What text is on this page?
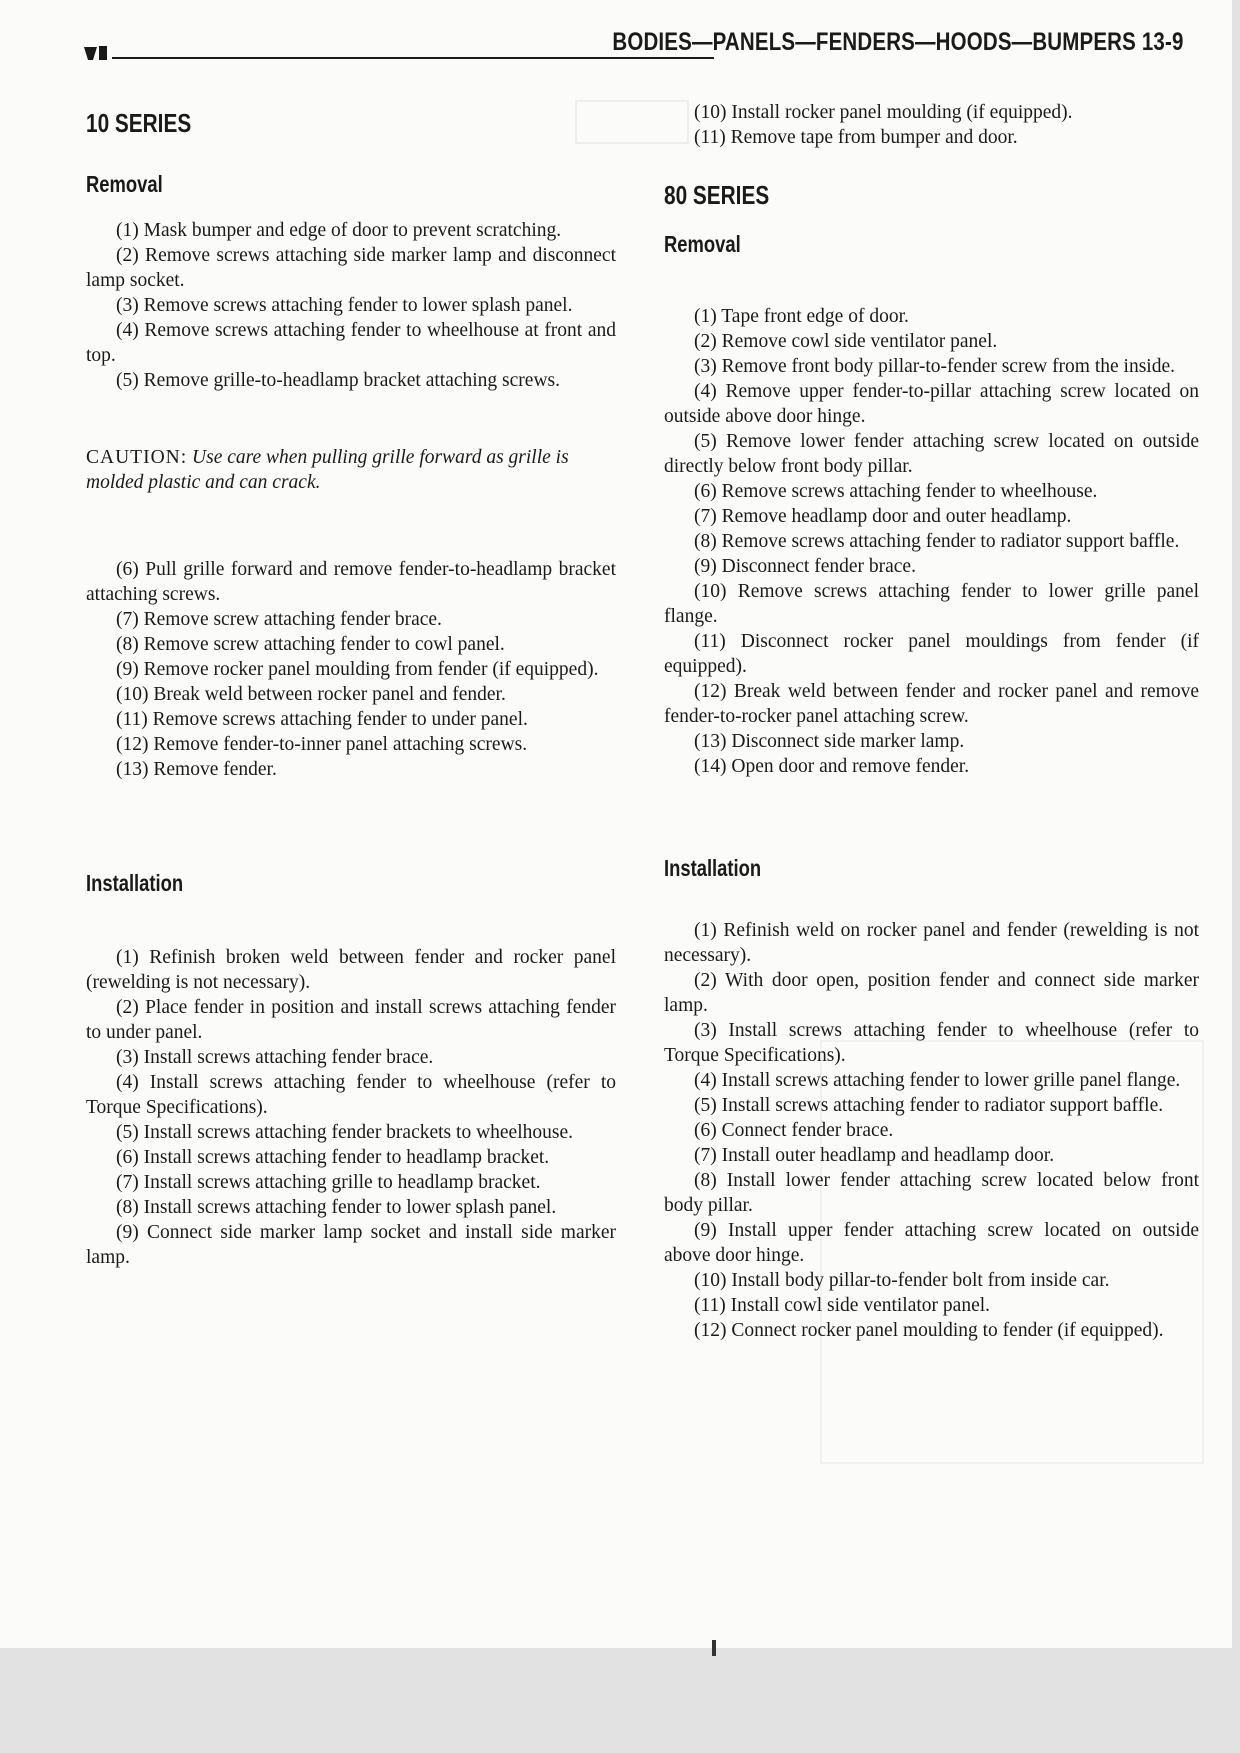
BODIES—PANELS—FENDERS—HOODS—BUMPERS 13-9
10 SERIES
Removal

(1) Mask bumper and edge of door to prevent scratching.

(2) Remove screws attaching side marker lamp and disconnect lamp socket.

(3) Remove screws attaching fender to lower splash panel.

(4) Remove screws attaching fender to wheelhouse at front and top.

(5) Remove grille-to-headlamp bracket attaching screws.

CAUTION: Use care when pulling grille forward as grille is molded plastic and can crack.

(6) Pull grille forward and remove fender-to-headlamp bracket attaching screws.

(7) Remove screw attaching fender brace.

(8) Remove screw attaching fender to cowl panel.

(9) Remove rocker panel moulding from fender (if equipped).

(10) Break weld between rocker panel and fender.

(11) Remove screws attaching fender to under panel.

(12) Remove fender-to-inner panel attaching screws.

(13) Remove fender.

Installation

(1) Refinish broken weld between fender and rocker panel (rewelding is not necessary).

(2) Place fender in position and install screws attaching fender to under panel.

(3) Install screws attaching fender brace.

(4) Install screws attaching fender to wheelhouse (refer to Torque Specifications).

(5) Install screws attaching fender brackets to wheelhouse.

(6) Install screws attaching fender to headlamp bracket.

(7) Install screws attaching grille to headlamp bracket.

(8) Install screws attaching fender to lower splash panel.

(9) Connect side marker lamp socket and install side marker lamp.

(10) Install rocker panel moulding (if equipped).

(11) Remove tape from bumper and door.

80 SERIES
Removal

(1) Tape front edge of door.

(2) Remove cowl side ventilator panel.

(3) Remove front body pillar-to-fender screw from the inside.

(4) Remove upper fender-to-pillar attaching screw located on outside above door hinge.

(5) Remove lower fender attaching screw located on outside directly below front body pillar.

(6) Remove screws attaching fender to wheelhouse.

(7) Remove headlamp door and outer headlamp.

(8) Remove screws attaching fender to radiator support baffle.

(9) Disconnect fender brace.

(10) Remove screws attaching fender to lower grille panel flange.

(11) Disconnect rocker panel mouldings from fender (if equipped).

(12) Break weld between fender and rocker panel and remove fender-to-rocker panel attaching screw.

(13) Disconnect side marker lamp.

(14) Open door and remove fender.

Installation

(1) Refinish weld on rocker panel and fender (rewelding is not necessary).

(2) With door open, position fender and connect side marker lamp.

(3) Install screws attaching fender to wheelhouse (refer to Torque Specifications).

(4) Install screws attaching fender to lower grille panel flange.

(5) Install screws attaching fender to radiator support baffle.

(6) Connect fender brace.

(7) Install outer headlamp and headlamp door.

(8) Install lower fender attaching screw located below front body pillar.

(9) Install upper fender attaching screw located on outside above door hinge.

(10) Install body pillar-to-fender bolt from inside car.

(11) Install cowl side ventilator panel.

(12) Connect rocker panel moulding to fender (if equipped).
